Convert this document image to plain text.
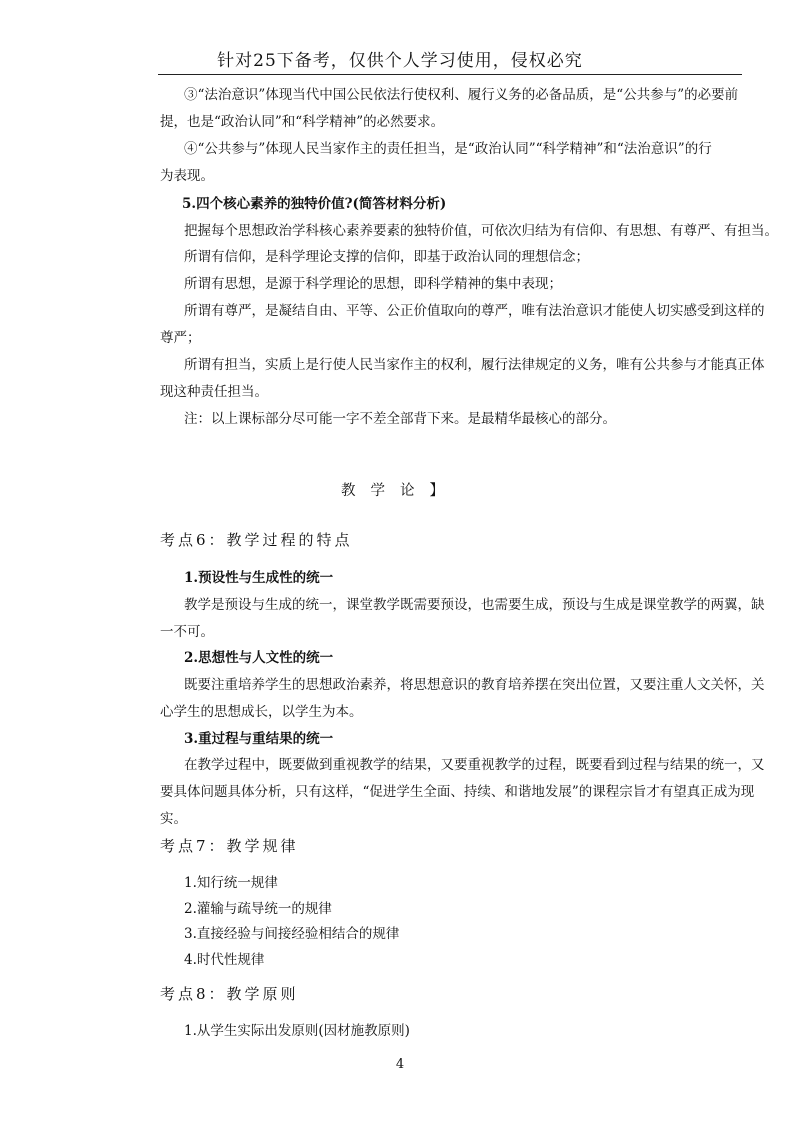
针对25下备考，仅供个人学习使用，侵权必究
③“法治意识”体现当代中国公民依法行使权利、履行义务的必备品质，是“公共参与”的必要前
提，也是“政治认同”和“科学精神”的必然要求。
④“公共参与”体现人民当家作主的责任担当，是“政治认同”“科学精神”和“法治意识”的行
为表现。
5.四个核心素养的独特价值?(简答材料分析)
把握每个思想政治学科核心素养要素的独特价值，可依次归结为有信仰、有思想、有尊严、有担当。
所谓有信仰，是科学理论支撑的信仰，即基于政治认同的理想信念；
所谓有思想，是源于科学理论的思想，即科学精神的集中表现；
所谓有尊严，是凝结自由、平等、公正价值取向的尊严，唯有法治意识才能使人切实感受到这样的
尊严；
所谓有担当，实质上是行使人民当家作主的权利，履行法律规定的义务，唯有公共参与才能真正体
现这种责任担当。
注：以上课标部分尽可能一字不差全部背下来。是最精华最核心的部分。
教学论】
考点6：教学过程的特点
1.预设性与生成性的统一
教学是预设与生成的统一，课堂教学既需要预设，也需要生成，预设与生成是课堂教学的两翼，缺
一不可。
2.思想性与人文性的统一
既要注重培养学生的思想政治素养，将思想意识的教育培养摆在突出位置，又要注重人文关怀，关
心学生的思想成长，以学生为本。
3.重过程与重结果的统一
在教学过程中，既要做到重视教学的结果，又要重视教学的过程，既要看到过程与结果的统一，又
要具体问题具体分析，只有这样，“促进学生全面、持续、和谐地发展”的课程宗旨才有望真正成为现
实。
考点7：教学规律
1.知行统一规律
2.灌输与疏导统一的规律
3.直接经验与间接经验相结合的规律
4.时代性规律
考点8：教学原则
1.从学生实际出发原则(因材施教原则)
4
